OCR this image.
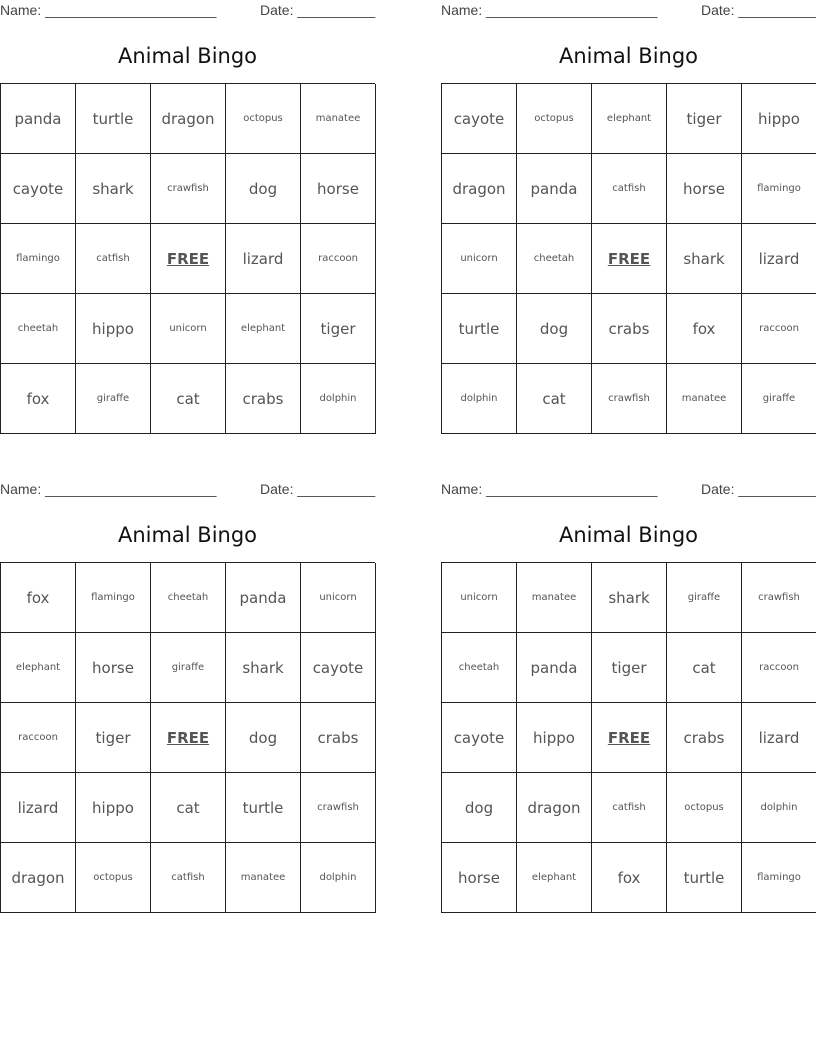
Name: ______________________	Date: __________
Animal Bingo
panda	turtle	dragon	octopus	manatee
cayote	shark	crawfish	dog	horse
flamingo	catfish	FREE	lizard	raccoon
cheetah	hippo	unicorn	elephant	tiger
fox	giraffe	cat	crabs	dolphin
Name: ______________________	Date: __________
Animal Bingo
cayote	octopus	elephant	tiger	hippo
dragon	panda	catfish	horse	flamingo
unicorn	cheetah	FREE	shark	lizard
turtle	dog	crabs	fox	raccoon
dolphin	cat	crawfish	manatee	giraffe
Name: ______________________	Date: __________
Animal Bingo
fox	flamingo	cheetah	panda	unicorn
elephant	horse	giraffe	shark	cayote
raccoon	tiger	FREE	dog	crabs
lizard	hippo	cat	turtle	crawfish
dragon	octopus	catfish	manatee	dolphin
Name: ______________________	Date: __________
Animal Bingo
unicorn	manatee	shark	giraffe	crawfish
cheetah	panda	tiger	cat	raccoon
cayote	hippo	FREE	crabs	lizard
dog	dragon	catfish	octopus	dolphin
horse	elephant	fox	turtle	flamingo
